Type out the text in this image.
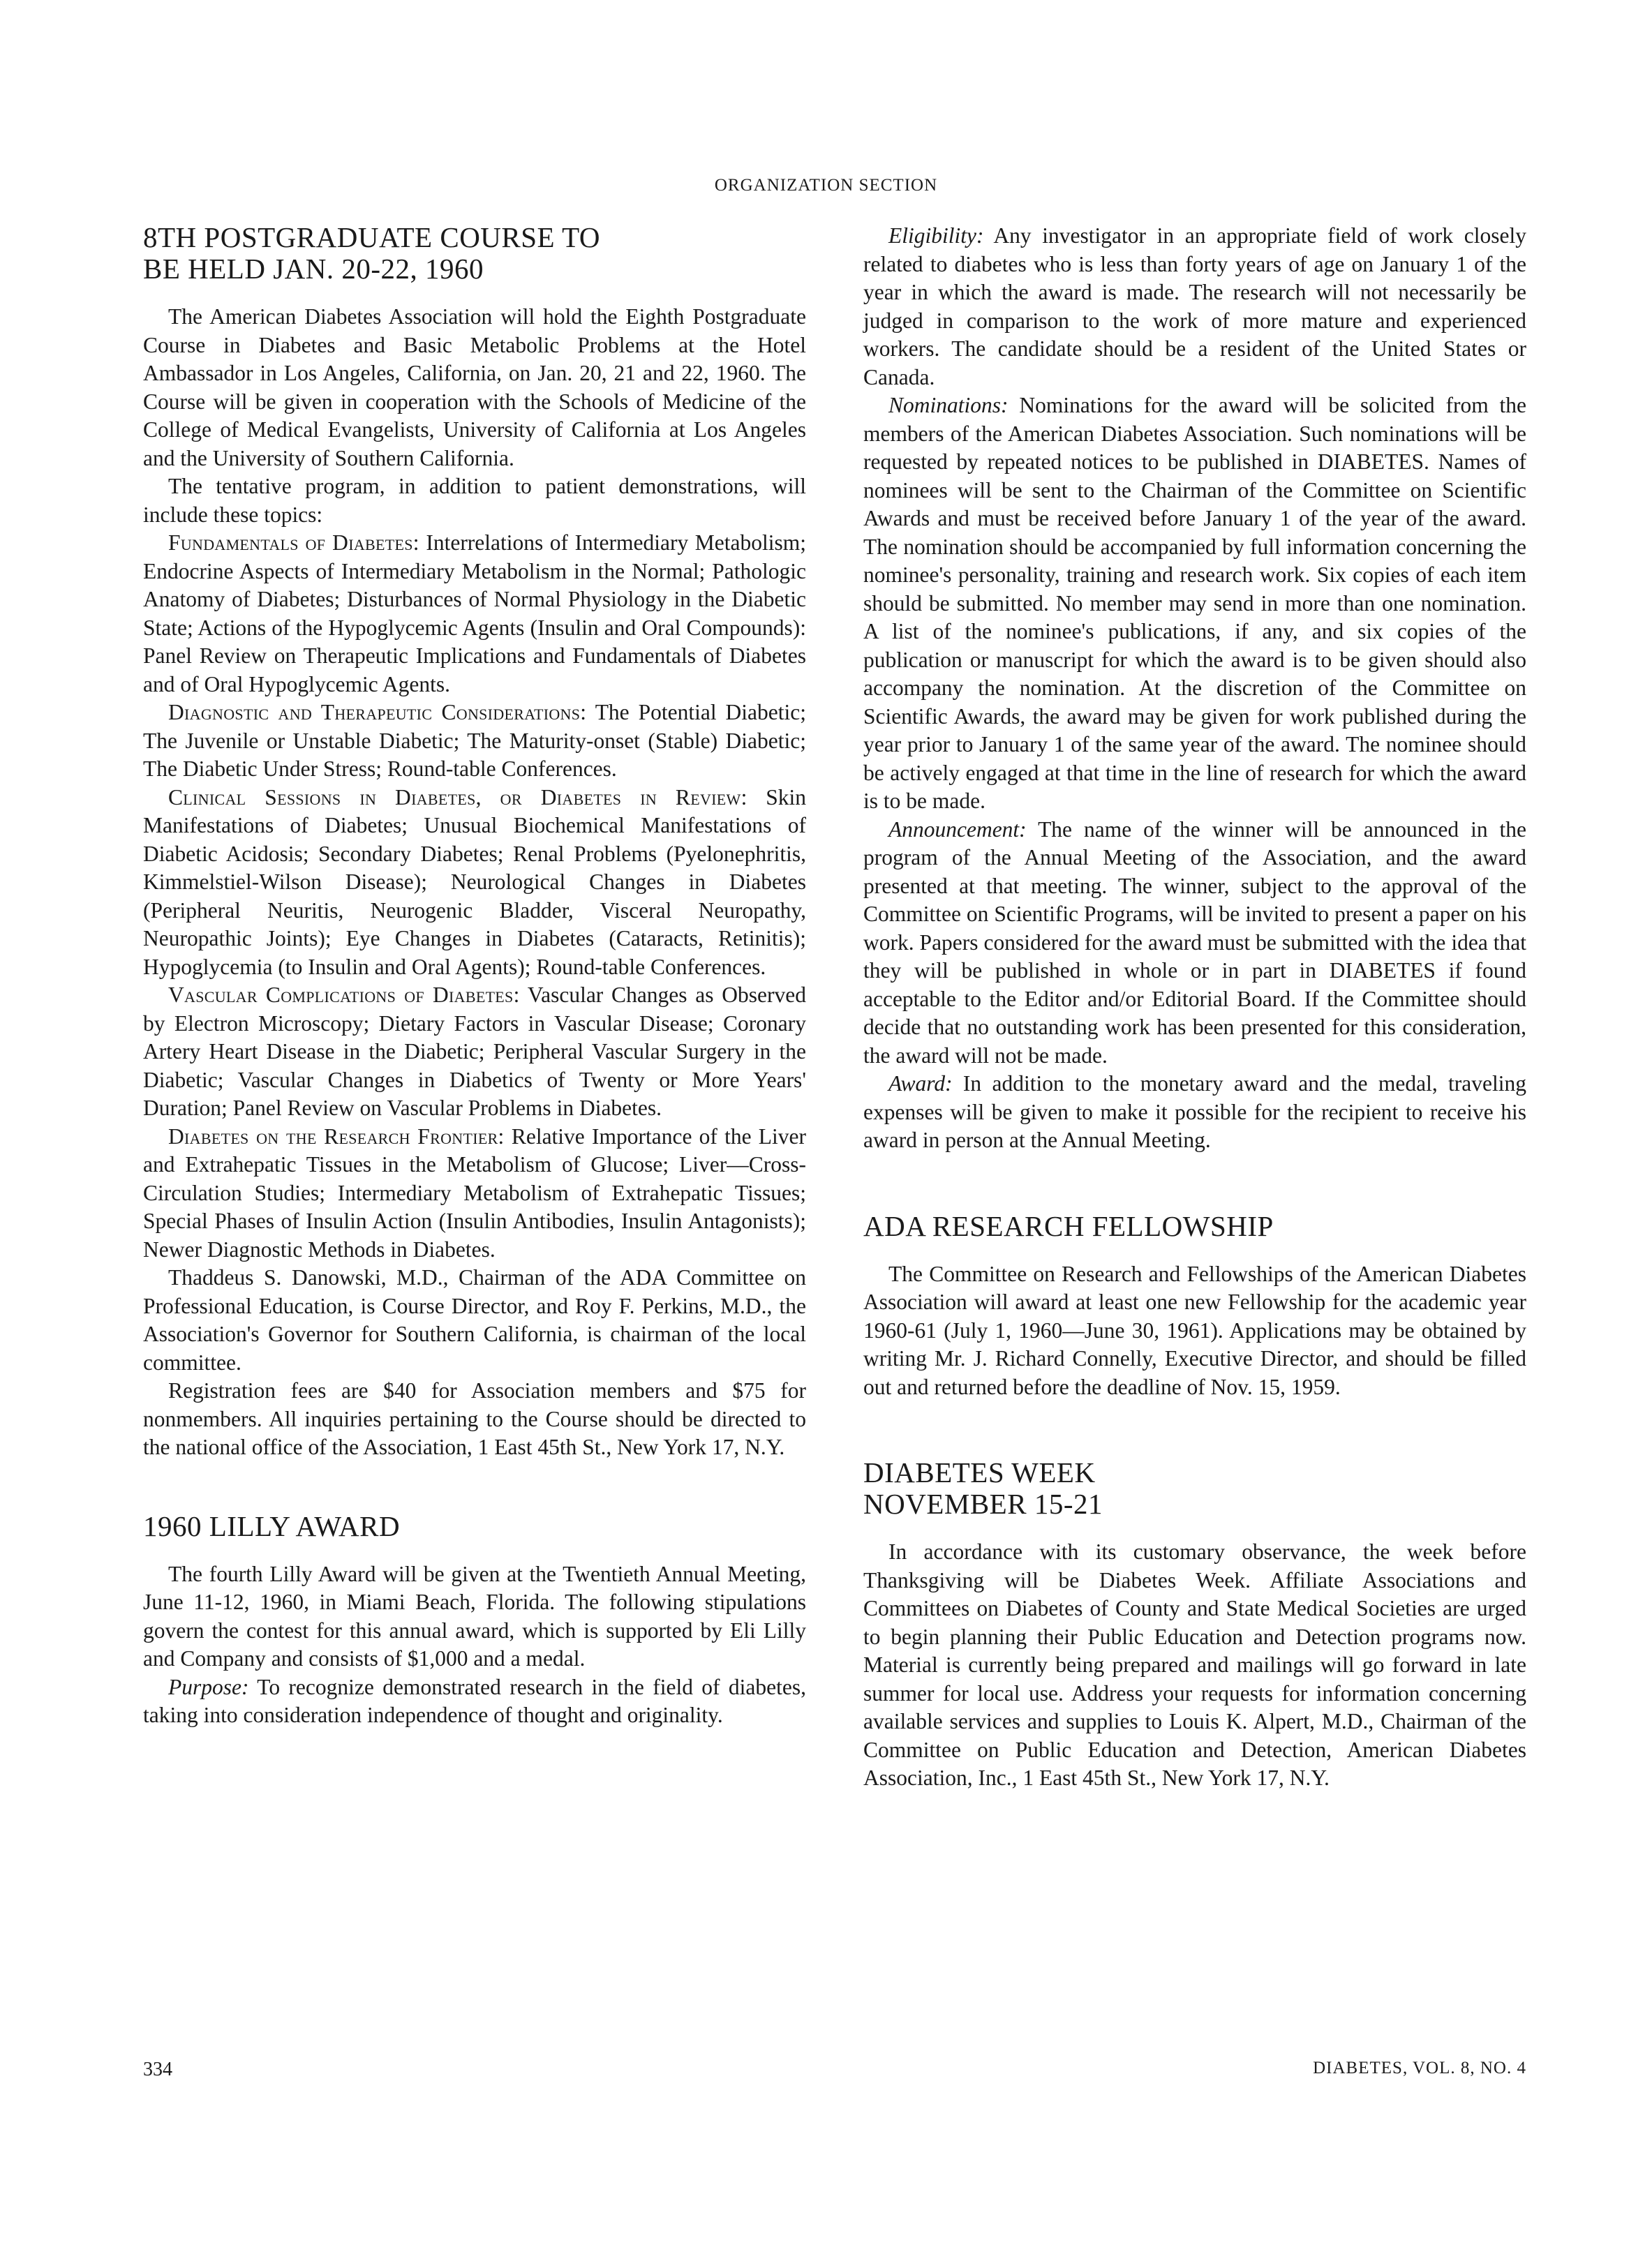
ORGANIZATION SECTION
8TH POSTGRADUATE COURSE TO
BE HELD JAN. 20-22, 1960

The American Diabetes Association will hold the Eighth Postgraduate Course in Diabetes and Basic Metabolic Problems at the Hotel Ambassador in Los Angeles, California, on Jan. 20, 21 and 22, 1960. The Course will be given in cooperation with the Schools of Medicine of the College of Medical Evangelists, University of California at Los Angeles and the University of Southern California.

The tentative program, in addition to patient demonstrations, will include these topics:

Fundamentals of Diabetes: Interrelations of Intermediary Metabolism; Endocrine Aspects of Intermediary Metabolism in the Normal; Pathologic Anatomy of Diabetes; Disturbances of Normal Physiology in the Diabetic State; Actions of the Hypoglycemic Agents (Insulin and Oral Compounds): Panel Review on Therapeutic Implications and Fundamentals of Diabetes and of Oral Hypoglycemic Agents.

Diagnostic and Therapeutic Considerations: The Potential Diabetic; The Juvenile or Unstable Diabetic; The Maturity-onset (Stable) Diabetic; The Diabetic Under Stress; Round-table Conferences.

Clinical Sessions in Diabetes, or Diabetes in Review: Skin Manifestations of Diabetes; Unusual Biochemical Manifestations of Diabetic Acidosis; Secondary Diabetes; Renal Problems (Pyelonephritis, Kimmelstiel-Wilson Disease); Neurological Changes in Diabetes (Peripheral Neuritis, Neurogenic Bladder, Visceral Neuropathy, Neuropathic Joints); Eye Changes in Diabetes (Cataracts, Retinitis); Hypoglycemia (to Insulin and Oral Agents); Round-table Conferences.

Vascular Complications of Diabetes: Vascular Changes as Observed by Electron Microscopy; Dietary Factors in Vascular Disease; Coronary Artery Heart Disease in the Diabetic; Peripheral Vascular Surgery in the Diabetic; Vascular Changes in Diabetics of Twenty or More Years' Duration; Panel Review on Vascular Problems in Diabetes.

Diabetes on the Research Frontier: Relative Importance of the Liver and Extrahepatic Tissues in the Metabolism of Glucose; Liver—Cross-Circulation Studies; Intermediary Metabolism of Extrahepatic Tissues; Special Phases of Insulin Action (Insulin Antibodies, Insulin Antagonists); Newer Diagnostic Methods in Diabetes.

Thaddeus S. Danowski, M.D., Chairman of the ADA Committee on Professional Education, is Course Director, and Roy F. Perkins, M.D., the Association's Governor for Southern California, is chairman of the local committee.

Registration fees are $40 for Association members and $75 for nonmembers. All inquiries pertaining to the Course should be directed to the national office of the Association, 1 East 45th St., New York 17, N.Y.

1960 LILLY AWARD

The fourth Lilly Award will be given at the Twentieth Annual Meeting, June 11-12, 1960, in Miami Beach, Florida. The following stipulations govern the contest for this annual award, which is supported by Eli Lilly and Company and consists of $1,000 and a medal.

Purpose: To recognize demonstrated research in the field of diabetes, taking into consideration independence of thought and originality.

Eligibility: Any investigator in an appropriate field of work closely related to diabetes who is less than forty years of age on January 1 of the year in which the award is made. The research will not necessarily be judged in comparison to the work of more mature and experienced workers. The candidate should be a resident of the United States or Canada.

Nominations: Nominations for the award will be solicited from the members of the American Diabetes Association. Such nominations will be requested by repeated notices to be published in DIABETES. Names of nominees will be sent to the Chairman of the Committee on Scientific Awards and must be received before January 1 of the year of the award. The nomination should be accompanied by full information concerning the nominee's personality, training and research work. Six copies of each item should be submitted. No member may send in more than one nomination. A list of the nominee's publications, if any, and six copies of the publication or manuscript for which the award is to be given should also accompany the nomination. At the discretion of the Committee on Scientific Awards, the award may be given for work published during the year prior to January 1 of the same year of the award. The nominee should be actively engaged at that time in the line of research for which the award is to be made.

Announcement: The name of the winner will be announced in the program of the Annual Meeting of the Association, and the award presented at that meeting. The winner, subject to the approval of the Committee on Scientific Programs, will be invited to present a paper on his work. Papers considered for the award must be submitted with the idea that they will be published in whole or in part in DIABETES if found acceptable to the Editor and/or Editorial Board. If the Committee should decide that no outstanding work has been presented for this consideration, the award will not be made.

Award: In addition to the monetary award and the medal, traveling expenses will be given to make it possible for the recipient to receive his award in person at the Annual Meeting.

ADA RESEARCH FELLOWSHIP

The Committee on Research and Fellowships of the American Diabetes Association will award at least one new Fellowship for the academic year 1960-61 (July 1, 1960—June 30, 1961). Applications may be obtained by writing Mr. J. Richard Connelly, Executive Director, and should be filled out and returned before the deadline of Nov. 15, 1959.

DIABETES WEEK
NOVEMBER 15-21

In accordance with its customary observance, the week before Thanksgiving will be Diabetes Week. Affiliate Associations and Committees on Diabetes of County and State Medical Societies are urged to begin planning their Public Education and Detection programs now. Material is currently being prepared and mailings will go forward in late summer for local use. Address your requests for information concerning available services and supplies to Louis K. Alpert, M.D., Chairman of the Committee on Public Education and Detection, American Diabetes Association, Inc., 1 East 45th St., New York 17, N.Y.

334	DIABETES, VOL. 8, NO. 4
